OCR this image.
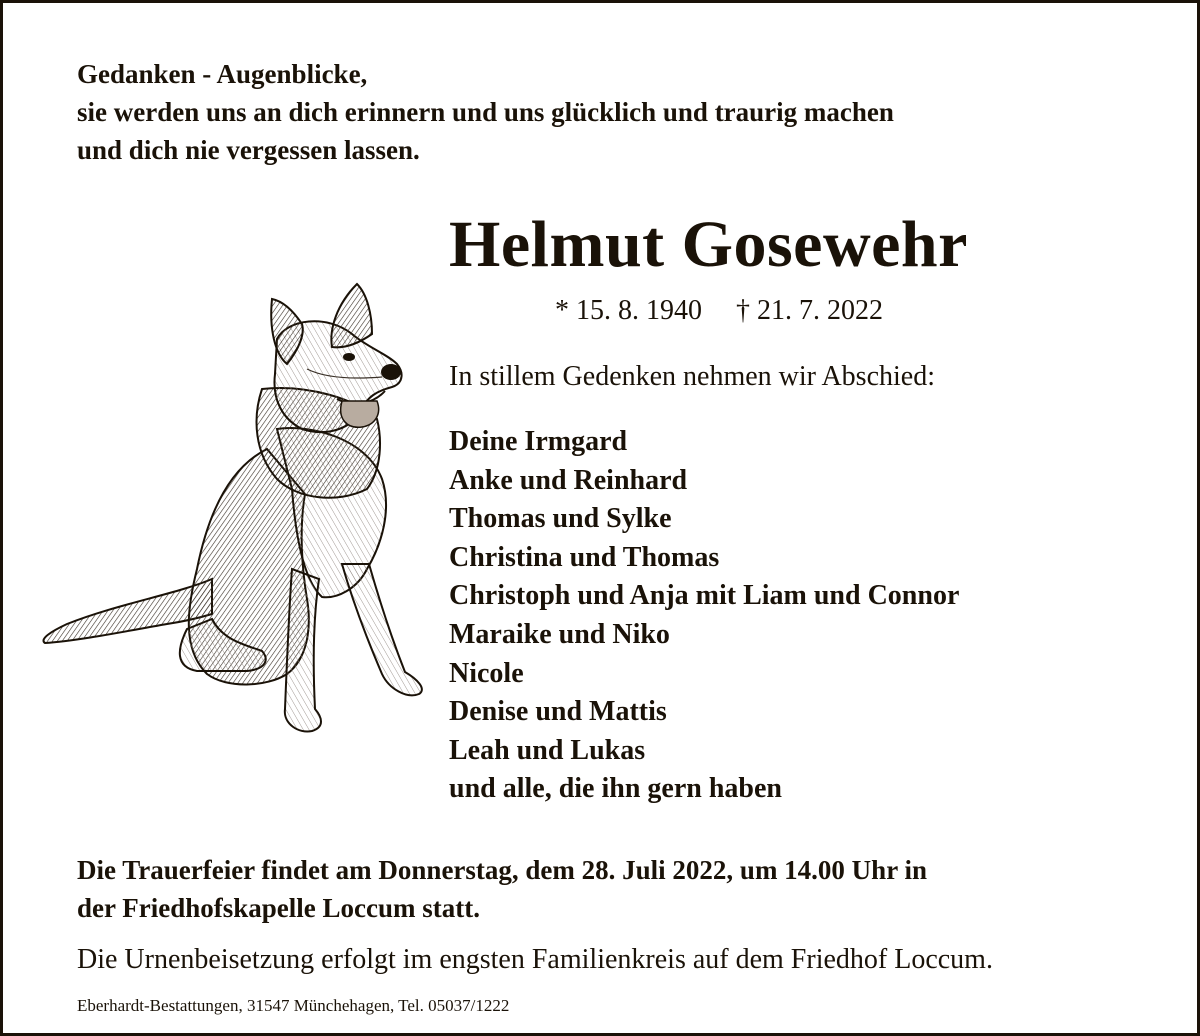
Gedanken - Augenblicke,
sie werden uns an dich erinnern und uns glücklich und traurig machen
und dich nie vergessen lassen.
Helmut Gosewehr
* 15. 8. 1940 † 21. 7. 2022
In stillem Gedenken nehmen wir Abschied:
Deine Irmgard
Anke und Reinhard
Thomas und Sylke
Christina und Thomas
Christoph und Anja mit Liam und Connor
Maraike und Niko
Nicole
Denise und Mattis
Leah und Lukas
und alle, die ihn gern haben
Die Trauerfeier findet am Donnerstag, dem 28. Juli 2022, um 14.00 Uhr in
der Friedhofskapelle Loccum statt.
Die Urnenbeisetzung erfolgt im engsten Familienkreis auf dem Friedhof Loccum.
Eberhardt-Bestattungen, 31547 Münchehagen, Tel. 05037/1222
